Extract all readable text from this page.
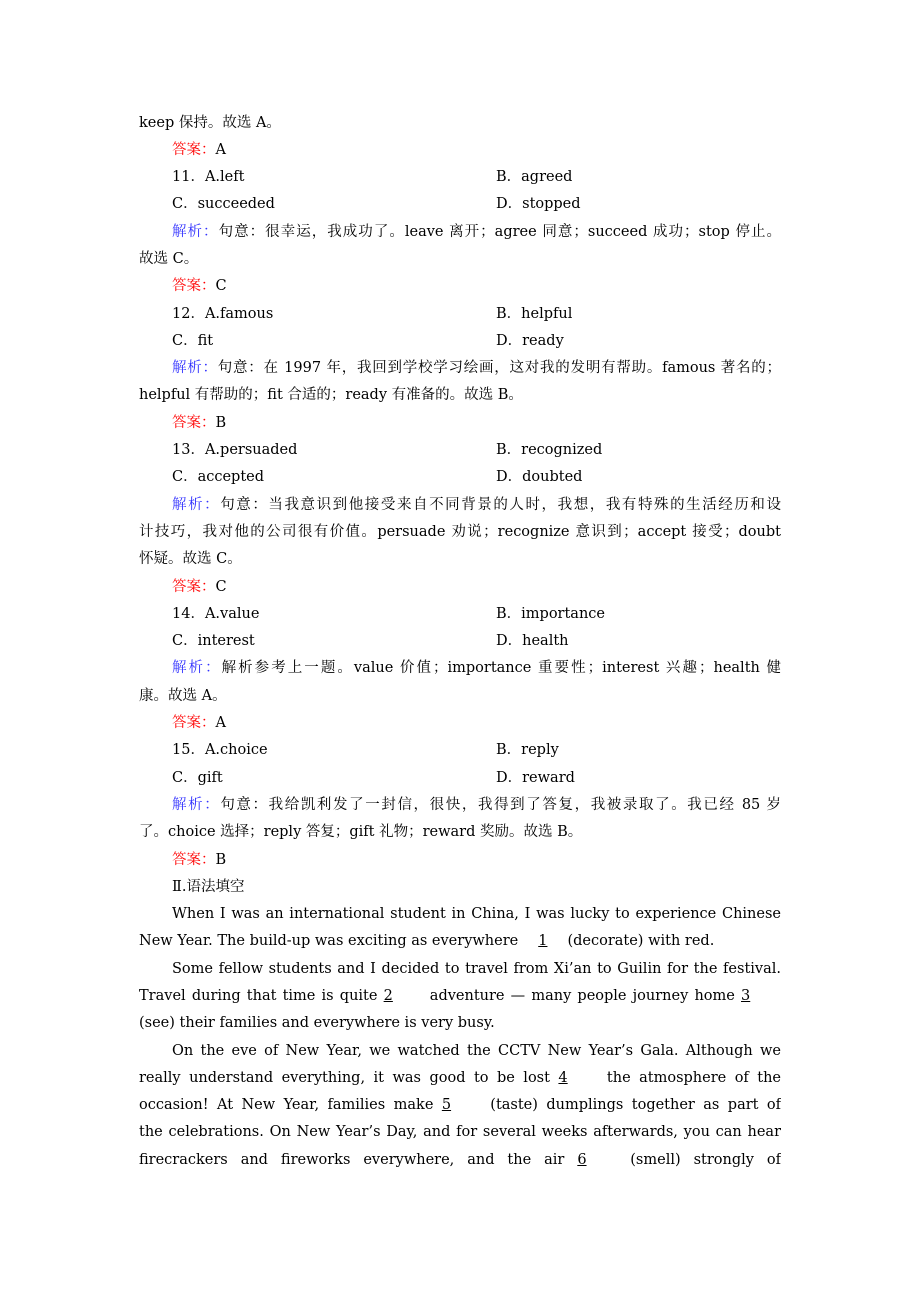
keep 保持。故选 A。
答案：A
11．A.left	B．agreed
C．succeeded	D．stopped
解析：句意：很幸运，我成功了。leave 离开；agree 同意；succeed 成功；stop 停止。
故选 C。
答案：C
12．A.famous	B．helpful
C．fit	D．ready
解析：句意：在 1997 年，我回到学校学习绘画，这对我的发明有帮助。famous 著名的；
helpful 有帮助的；fit 合适的；ready 有准备的。故选 B。
答案：B
13．A.persuaded	B．recognized
C．accepted	D．doubted
解析：句意：当我意识到他接受来自不同背景的人时，我想，我有特殊的生活经历和设
计技巧，我对他的公司很有价值。persuade 劝说；recognize 意识到；accept 接受；doubt
怀疑。故选 C。
答案：C
14．A.value	B．importance
C．interest	D．health
解析：解析参考上一题。value 价值；importance 重要性；interest 兴趣；health 健
康。故选 A。
答案：A
15．A.choice	B．reply
C．gift	D．reward
解析：句意：我给凯利发了一封信，很快，我得到了答复，我被录取了。我已经 85 岁
了。choice 选择；reply 答复；gift 礼物；reward 奖励。故选 B。
答案：B
Ⅱ.语法填空
When I was an international student in China, I was lucky to experience Chinese
New Year. The build-up was exciting as everywhere 1 (decorate) with red.
Some fellow students and I decided to travel from Xi’an to Guilin for the festival.
Travel during that time is quite 2	adventure — many people journey home 3
(see) their families and everywhere is very busy.
On the eve of New Year, we watched the CCTV New Year’s Gala. Although we
really understand everything, it was good to be lost 4	the atmosphere of the
occasion! At New Year, families make 5	(taste) dumplings together as part of
the celebrations. On New Year’s Day, and for several weeks afterwards, you can hear
firecrackers and fireworks everywhere, and the air 6	(smell) strongly of
